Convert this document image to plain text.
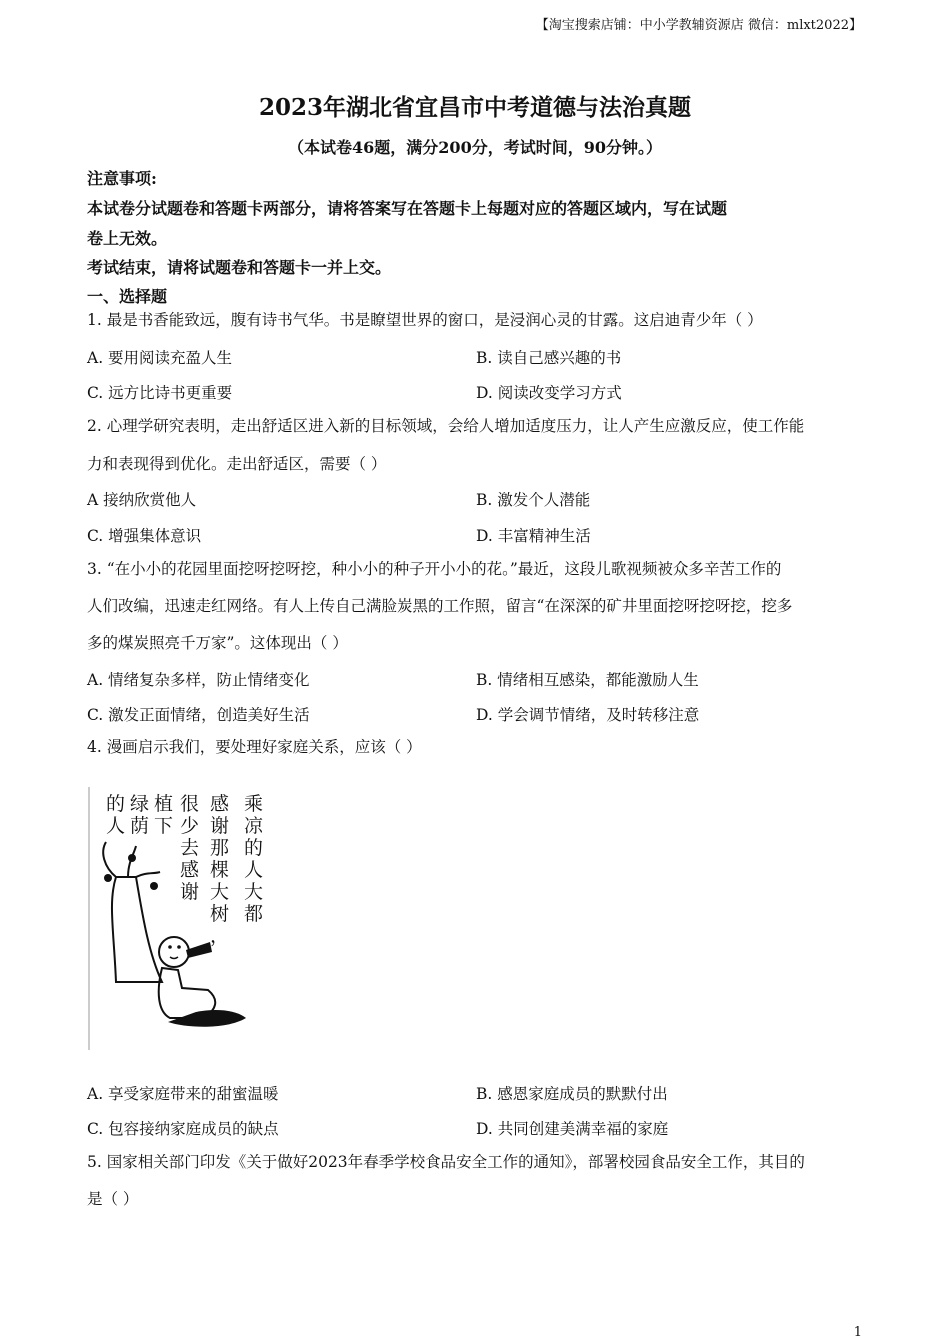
【淘宝搜索店铺：中小学教辅资源店 微信：mlxt2022】
2023年湖北省宜昌市中考道德与法治真题
（本试卷46题，满分200分，考试时间，90分钟。）
注意事项:
本试卷分试题卷和答题卡两部分，请将答案写在答题卡上每题对应的答题区域内，写在试题
卷上无效。
考试结束，请将试题卷和答题卡一并上交。
一、选择题
1. 最是书香能致远，腹有诗书气华。书是瞭望世界的窗口，是浸润心灵的甘露。这启迪青少年（ ）
A. 要用阅读充盈人生	B. 读自己感兴趣的书
C. 远方比诗书更重要	D. 阅读改变学习方式
2. 心理学研究表明，走出舒适区进入新的目标领域，会给人增加适度压力，让人产生应激反应，使工作能
力和表现得到优化。走出舒适区，需要（ ）
A 接纳欣赏他人	B. 激发个人潜能
C. 增强集体意识	D. 丰富精神生活
3. “在小小的花园里面挖呀挖呀挖，种小小的种子开小小的花。”最近，这段儿歌视频被众多辛苦工作的
人们改编，迅速走红网络。有人上传自己满脸炭黑的工作照，留言“在深深的矿井里面挖呀挖呀挖，挖多
多的煤炭照亮千万家”。这体现出（ ）
A. 情绪复杂多样，防止情绪变化	B. 情绪相互感染，都能激励人生
C. 激发正面情绪，创造美好生活	D. 学会调节情绪，及时转移注意
4. 漫画启示我们，要处理好家庭关系，应该（ ）
乘凉的人大都
感谢那棵大树，
很少去感谢
植下
绿荫
的人
A. 享受家庭带来的甜蜜温暖	B. 感恩家庭成员的默默付出
C. 包容接纳家庭成员的缺点	D. 共同创建美满幸福的家庭
5. 国家相关部门印发《关于做好2023年春季学校食品安全工作的通知》，部署校园食品安全工作，其目的
是（ ）
1
